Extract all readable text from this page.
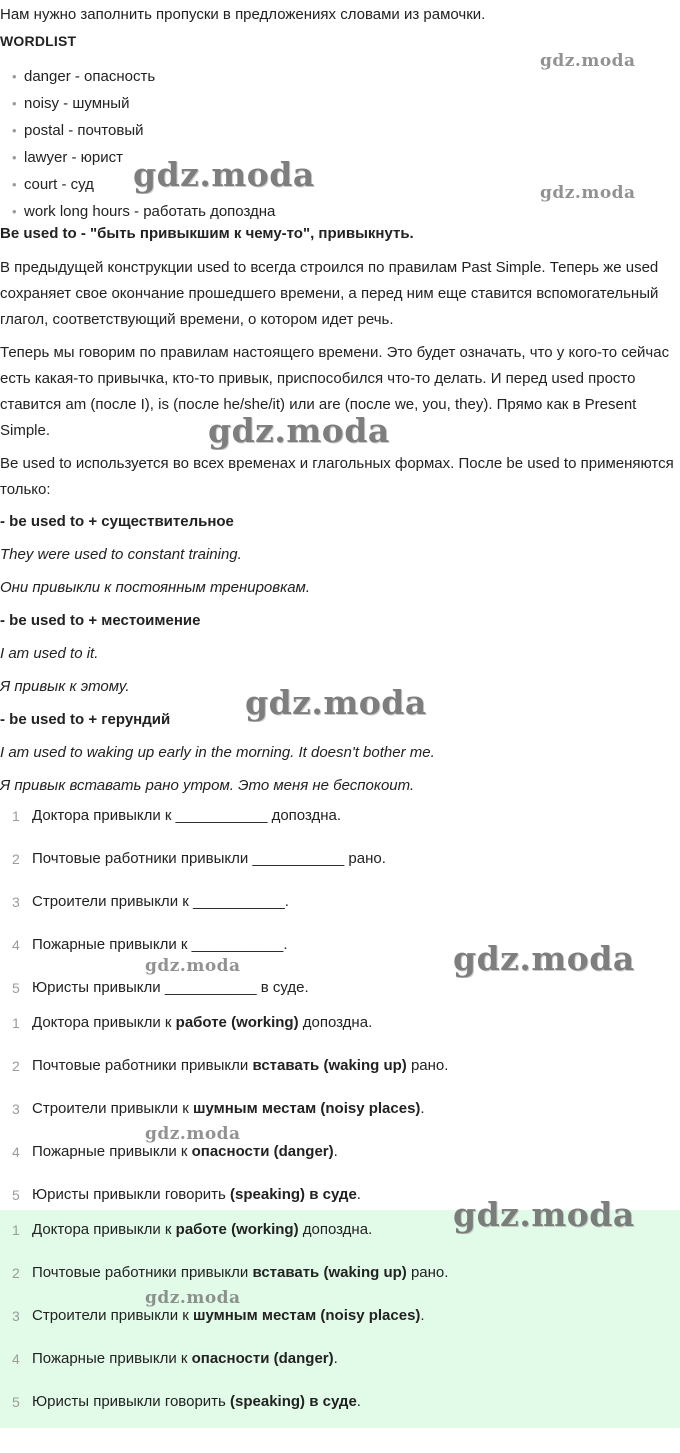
Нам нужно заполнить пропуски в предложениях словами из рамочки.
WORDLIST
• danger - опасность
• noisy - шумный
• postal - почтовый
• lawyer - юрист
• court - суд
• work long hours - работать допоздна
Be used to - "быть привыкшим к чему-то", привыкнуть.
В предыдущей конструкции used to всегда строился по правилам Past Simple. Теперь же used сохраняет свое окончание прошедшего времени, а перед ним еще ставится вспомогательный глагол, соответствующий времени, о котором идет речь.
Теперь мы говорим по правилам настоящего времени. Это будет означать, что у кого-то сейчас есть какая-то привычка, кто-то привык, приспособился что-то делать. И перед used просто ставится am (после I), is (после he/she/it) или are (после we, you, they). Прямо как в Present Simple.
Be used to используется во всех временах и глагольных формах. После be used to применяются только:
- be used to + существительное
They were used to constant training.
Они привыкли к постоянным тренировкам.
- be used to + местоимение
I am used to it.
Я привык к этому.
- be used to + герундий
I am used to waking up early in the morning. It doesn't bother me.
Я привык вставать рано утром. Это меня не беспокоит.
1 Доктора привыкли к ___________ допоздна.
2 Почтовые работники привыкли ___________ рано.
3 Строители привыкли к ___________.
4 Пожарные привыкли к ___________.
5 Юристы привыкли ___________ в суде.
1 Доктора привыкли к работе (working) допоздна.
2 Почтовые работники привыкли вставать (waking up) рано.
3 Строители привыкли к шумным местам (noisy places).
4 Пожарные привыкли к опасности (danger).
5 Юристы привыкли говорить (speaking) в суде.
1 Доктора привыкли к работе (working) допоздна.
2 Почтовые работники привыкли вставать (waking up) рано.
3 Строители привыкли к шумным местам (noisy places).
4 Пожарные привыкли к опасности (danger).
5 Юристы привыкли говорить (speaking) в суде.
gdz.moda
gdz.moda	gdz.moda
gdz.moda
gdz.moda
gdz.moda	gdz.moda
gdz.moda
gdz.moda
gdz.moda
